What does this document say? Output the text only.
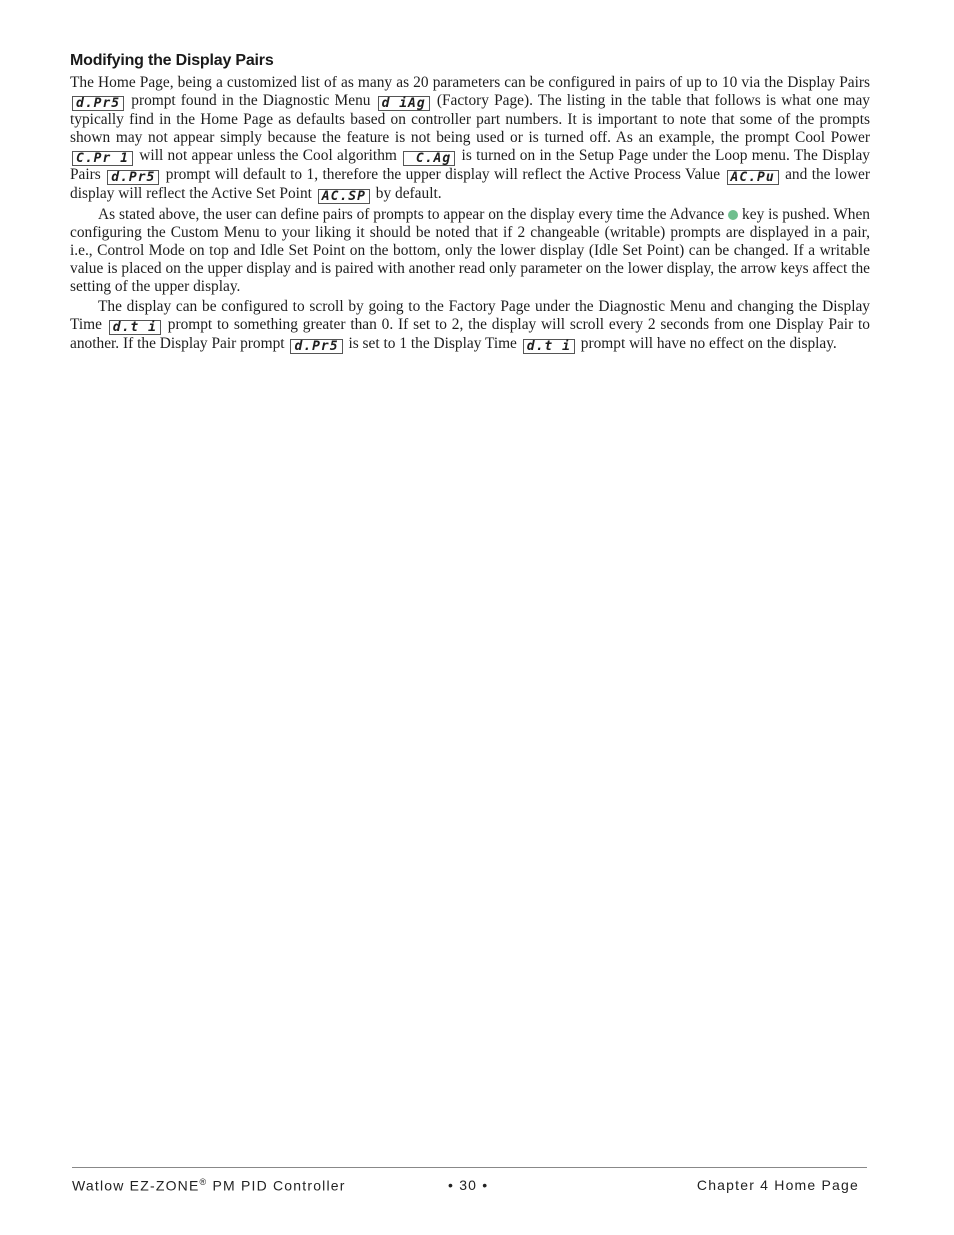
Modifying the Display Pairs

The Home Page, being a customized list of as many as 20 parameters can be configured in pairs of up to 10 via the Display Pairs d.Pr5 prompt found in the Diagnostic Menu d iAg (Factory Page). The listing in the table that follows is what one may typically find in the Home Page as defaults based on controller part numbers. It is important to note that some of the prompts shown may not appear simply because the feature is not being used or is turned off. As an example, the prompt Cool Power C.Pr 1 will not appear unless the Cool algorithm C.Ag is turned on in the Setup Page under the Loop menu. The Display Pairs d.Pr5 prompt will default to 1, therefore the upper display will reflect the Active Process Value AC.Pu and the lower display will reflect the Active Set Point AC.SP by default.

As stated above, the user can define pairs of prompts to appear on the display every time the Advance key is pushed. When configuring the Custom Menu to your liking it should be noted that if 2 changeable (writable) prompts are displayed in a pair, i.e., Control Mode on top and Idle Set Point on the bottom, only the lower display (Idle Set Point) can be changed. If a writable value is placed on the upper display and is paired with another read only parameter on the lower display, the arrow keys affect the setting of the upper display.

The display can be configured to scroll by going to the Factory Page under the Diagnostic Menu and changing the Display Time d.t i prompt to something greater than 0. If set to 2, the display will scroll every 2 seconds from one Display Pair to another. If the Display Pair prompt d.Pr5 is set to 1 the Display Time d.t i prompt will have no effect on the display.

Watlow EZ-ZONE® PM PID Controller	• 30 •	Chapter 4 Home Page
